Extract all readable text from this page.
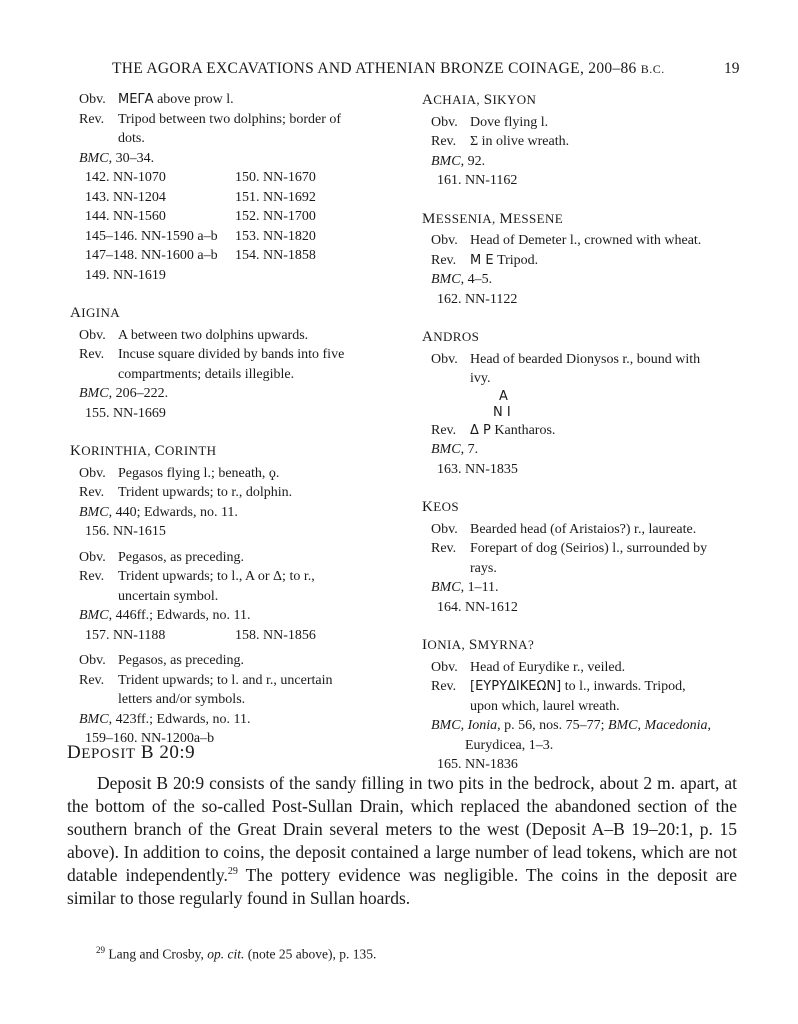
THE AGORA EXCAVATIONS AND ATHENIAN BRONZE COINAGE, 200–86 B.C.	19
Obv. ΜΕΓΑ above prow l.
Rev. Tripod between two dolphins; border of
dots.
BMC, 30–34.
142. NN-1070
143. NN-1204
144. NN-1560
145–146. NN-1590 a–b
147–148. NN-1600 a–b
149. NN-1619
150. NN-1670
151. NN-1692
152. NN-1700
153. NN-1820
154. NN-1858
AIGINA
Obv. A between two dolphins upwards.
Rev. Incuse square divided by bands into five
compartments; details illegible.
BMC, 206–222.
155. NN-1669
KORINTHIA, CORINTH
Obv. Pegasos flying l.; beneath, ϙ.
Rev. Trident upwards; to r., dolphin.
BMC, 440; Edwards, no. 11.
156. NN-1615
Obv. Pegasos, as preceding.
Rev. Trident upwards; to l., A or Δ; to r.,
uncertain symbol.
BMC, 446ff.; Edwards, no. 11.
157. NN-1188	158. NN-1856
Obv. Pegasos, as preceding.
Rev. Trident upwards; to l. and r., uncertain
letters and/or symbols.
BMC, 423ff.; Edwards, no. 11.
159–160. NN-1200a–b
ACHAIA, SIKYON
Obv. Dove flying l.
Rev. Σ in olive wreath.
BMC, 92.
161. NN-1162
MESSENIA, MESSENE
Obv. Head of Demeter l., crowned with wheat.
Rev. Μ Ε Tripod.
BMC, 4–5.
162. NN-1122
ANDROS
Obv. Head of bearded Dionysos r., bound with
ivy.
Α
Ν Ι
Rev. Δ Ρ Kantharos.
BMC, 7.
163. NN-1835
KEOS
Obv. Bearded head (of Aristaios?) r., laureate.
Rev. Forepart of dog (Seirios) l., surrounded by
rays.
BMC, 1–11.
164. NN-1612
IONIA, SMYRNA?
Obv. Head of Eurydike r., veiled.
Rev. [ΕΥΡΥΔΙΚΕΩΝ] to l., inwards. Tripod,
upon which, laurel wreath.
BMC, Ionia, p. 56, nos. 75–77; BMC, Macedonia,
Eurydicea, 1–3.
165. NN-1836
DEPOSIT B 20:9

Deposit B 20:9 consists of the sandy filling in two pits in the bedrock, about 2 m. apart, at the bottom of the so-called Post-Sullan Drain, which replaced the abandoned section of the southern branch of the Great Drain several meters to the west (Deposit A–B 19–20:1, p. 15 above). In addition to coins, the deposit contained a large number of lead tokens, which are not datable independently.$^{29}$ The pottery evidence was negligible. The coins in the deposit are similar to those regularly found in Sullan hoards.

$^{29}$ Lang and Crosby, op. cit. (note 25 above), p. 135.
